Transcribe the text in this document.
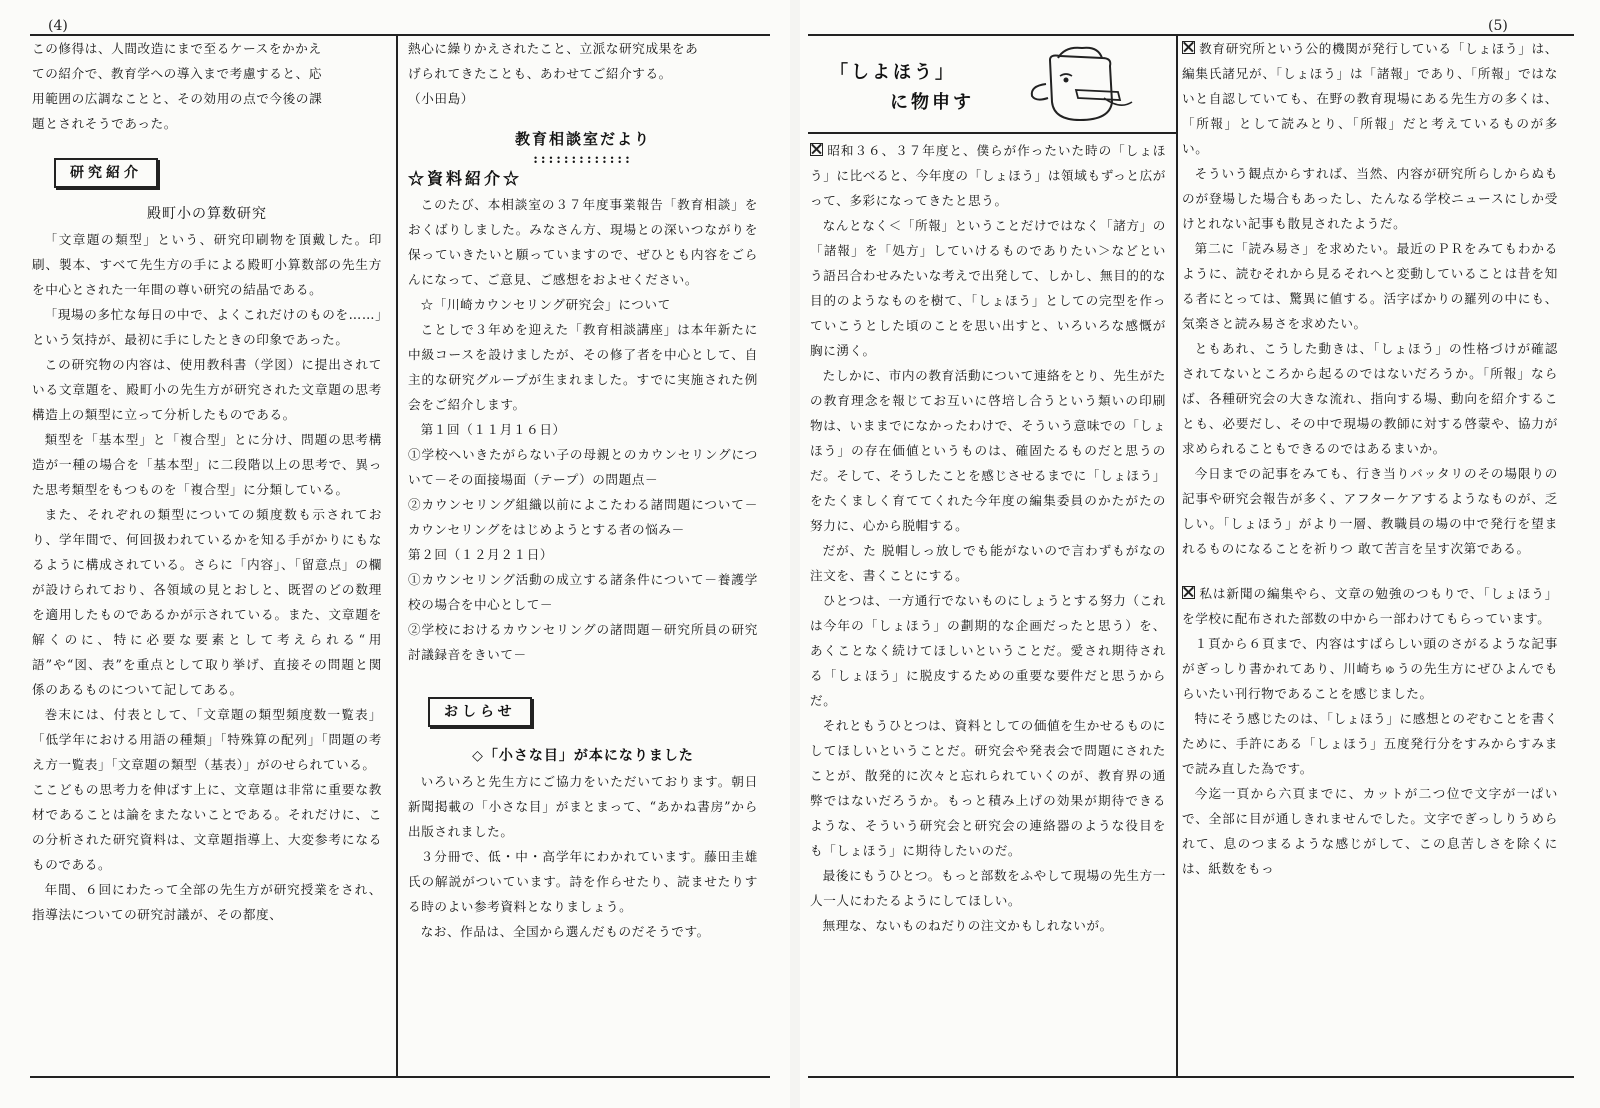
(4)

この修得は、人間改造にまで至るケースをかかえ

ての紹介で、教育学への導入まで考慮すると、応

用範囲の広調なことと、その効用の点で今後の課

題とされそうであった。

研究紹介
殿町小の算数研究

「文章題の類型」という、研究印刷物を頂戴した。印刷、製本、すべて先生方の手による殿町小算数部の先生方を中心とされた一年間の尊い研究の結晶である。

「現場の多忙な毎日の中で、よくこれだけのものを……」という気持が、最初に手にしたときの印象であった。

この研究物の内容は、使用教科書（学図）に提出されている文章題を、殿町小の先生方が研究された文章題の思考構造上の類型に立って分析したものである。

類型を「基本型」と「複合型」とに分け、問題の思考構造が一種の場合を「基本型」に二段階以上の思考で、異った思考類型をもつものを「複合型」に分類している。

また、それぞれの類型についての頻度数も示されており、学年間で、何回扱われているかを知る手がかりにもなるように構成されている。さらに「内容」、「留意点」の欄が設けられており、各領域の見とおしと、既習のどの数理を適用したものであるかが示されている。また、文章題を解くのに、特に必要な要素として考えられる“用語”や“図、表”を重点として取り挙げ、直接その問題と関係のあるものについて記してある。

巻末には、付表として、「文章題の類型頻度数一覧表」「低学年における用語の種類」「特殊算の配列」「問題の考え方一覧表」「文章題の類型（基表）」がのせられている。

ここどもの思考力を伸ばす上に、文章題は非常に重要な教材であることは論をまたないことである。それだけに、この分析された研究資料は、文章題指導上、大変参考になるものである。

年間、６回にわたって全部の先生方が研究授業をされ、指導法についての研究討議が、その都度、

熱心に繰りかえされたこと、立派な研究成果をあ

げられてきたことも、あわせてご紹介する。

（小田島）

教育相談室だより
:::::::::::::
☆資料紹介☆

このたび、本相談室の３７年度事業報告「教育相談」をおくばりしました。みなさん方、現場との深いつながりを保っていきたいと願っていますので、ぜひとも内容をごらんになって、ご意見、ご感想をおよせください。

☆「川崎カウンセリング研究会」について

ことしで３年めを迎えた「教育相談講座」は本年新たに中級コースを設けましたが、その修了者を中心として、自主的な研究グループが生まれました。すでに実施された例会をご紹介します。

第１回（１１月１６日）

①学校へいきたがらない子の母親とのカウンセリングについて－その面接場面（テープ）の問題点－

②カウンセリング組織以前によこたわる諸問題について－カウンセリングをはじめようとする者の悩み－

第２回（１２月２１日）

①カウンセリング活動の成立する諸条件について－養護学校の場合を中心として－

②学校におけるカウンセリングの諸問題－研究所員の研究討議録音をきいて－

おしらせ
◇「小さな目」が本になりました

いろいろと先生方にご協力をいただいております。朝日新聞掲載の「小さな目」がまとまって、“あかね書房”から出版されました。

３分冊で、低・中・高学年にわかれています。藤田圭雄氏の解説がついています。詩を作らせたり、読ませたりする時のよい参考資料となりましょう。

なお、作品は、全国から選んだものだそうです。

(5)
「しよほう」
に物申す

昭和３６、３７年度と、僕らが作ったいた時の「しょほう」に比べると、今年度の「しょほう」は領域もずっと広がって、多彩になってきたと思う。

なんとなく＜「所報」ということだけではなく「諸方」の「諸報」を「処方」していけるものでありたい＞などという語呂合わせみたいな考えで出発して、しかし、無目的的な目的のようなものを樹て、「しょほう」としての完型を作っていこうとした頃のことを思い出すと、いろいろな感慨が胸に湧く。

たしかに、市内の教育活動について連絡をとり、先生がたの教育理念を報じてお互いに啓培し合うという類いの印刷物は、いままでになかったわけで、そういう意味での「しょほう」の存在価値というものは、確固たるものだと思うのだ。そして、そうしたことを感じさせるまでに「しょほう」をたくましく育ててくれた今年度の編集委員のかたがたの努力に、心から脱帽する。

だが、た 脱帽しっ放しでも能がないので言わずもがなの注文を、書くことにする。

ひとつは、一方通行でないものにしょうとする努力（これは今年の「しょほう」の劃期的な企画だったと思う）を、あくことなく続けてほしいということだ。愛され期待される「しょほう」に脱皮するための重要な要件だと思うからだ。

それともうひとつは、資料としての価値を生かせるものにしてほしいということだ。研究会や発表会で問題にされたことが、散発的に次々と忘れられていくのが、教育界の通弊ではないだろうか。もっと積み上げの効果が期待できるような、そういう研究会と研究会の連絡器のような役目をも「しょほう」に期待したいのだ。

最後にもうひとつ。もっと部数をふやして現場の先生方一人一人にわたるようにしてほしい。

無理な、ないものねだりの注文かもしれないが。

教育研究所という公的機関が発行している「しょほう」は、編集氏諸兄が、「しょほう」は「諸報」であり、「所報」ではないと自認していても、在野の教育現場にある先生方の多くは、「所報」として読みとり、「所報」だと考えているものが多い。

そういう観点からすれば、当然、内容が研究所らしからぬものが登場した場合もあったし、たんなる学校ニュースにしか受けとれない記事も散見されたようだ。

第二に「読み易さ」を求めたい。最近のＰＲをみてもわかるように、読むそれから見るそれへと変動していることは昔を知る者にとっては、驚異に値する。活字ばかりの羅列の中にも、気楽さと読み易さを求めたい。

ともあれ、こうした動きは、「しょほう」の性格づけが確認されてないところから起るのではないだろうか。「所報」ならば、各種研究会の大きな流れ、指向する場、動向を紹介することも、必要だし、その中で現場の教師に対する啓蒙や、協力が求められることもできるのではあるまいか。

今日までの記事をみても、行き当りバッタリのその場限りの記事や研究会報告が多く、アフターケアするようなものが、乏しい。「しょほう」がより一層、教職員の場の中で発行を望まれるものになることを祈りつ 敢て苦言を呈す次第である。

私は新聞の編集やら、文章の勉強のつもりで、「しょほう」を学校に配布された部数の中から一部わけてもらっています。

１頁から６頁まで、内容はすばらしい頭のさがるような記事がぎっしり書かれてあり、川崎ちゅうの先生方にぜひよんでもらいたい刊行物であることを感じました。

特にそう感じたのは、「しょほう」に感想とのぞむことを書くために、手許にある「しょほう」五度発行分をすみからすみまで読み直した為です。

今迄一頁から六頁までに、カットが二つ位で文字が一ぱいで、全部に目が通しきれませんでした。文字でぎっしりうめられて、息のつまるような感じがして、この息苦しさを除くには、紙数をもっ
